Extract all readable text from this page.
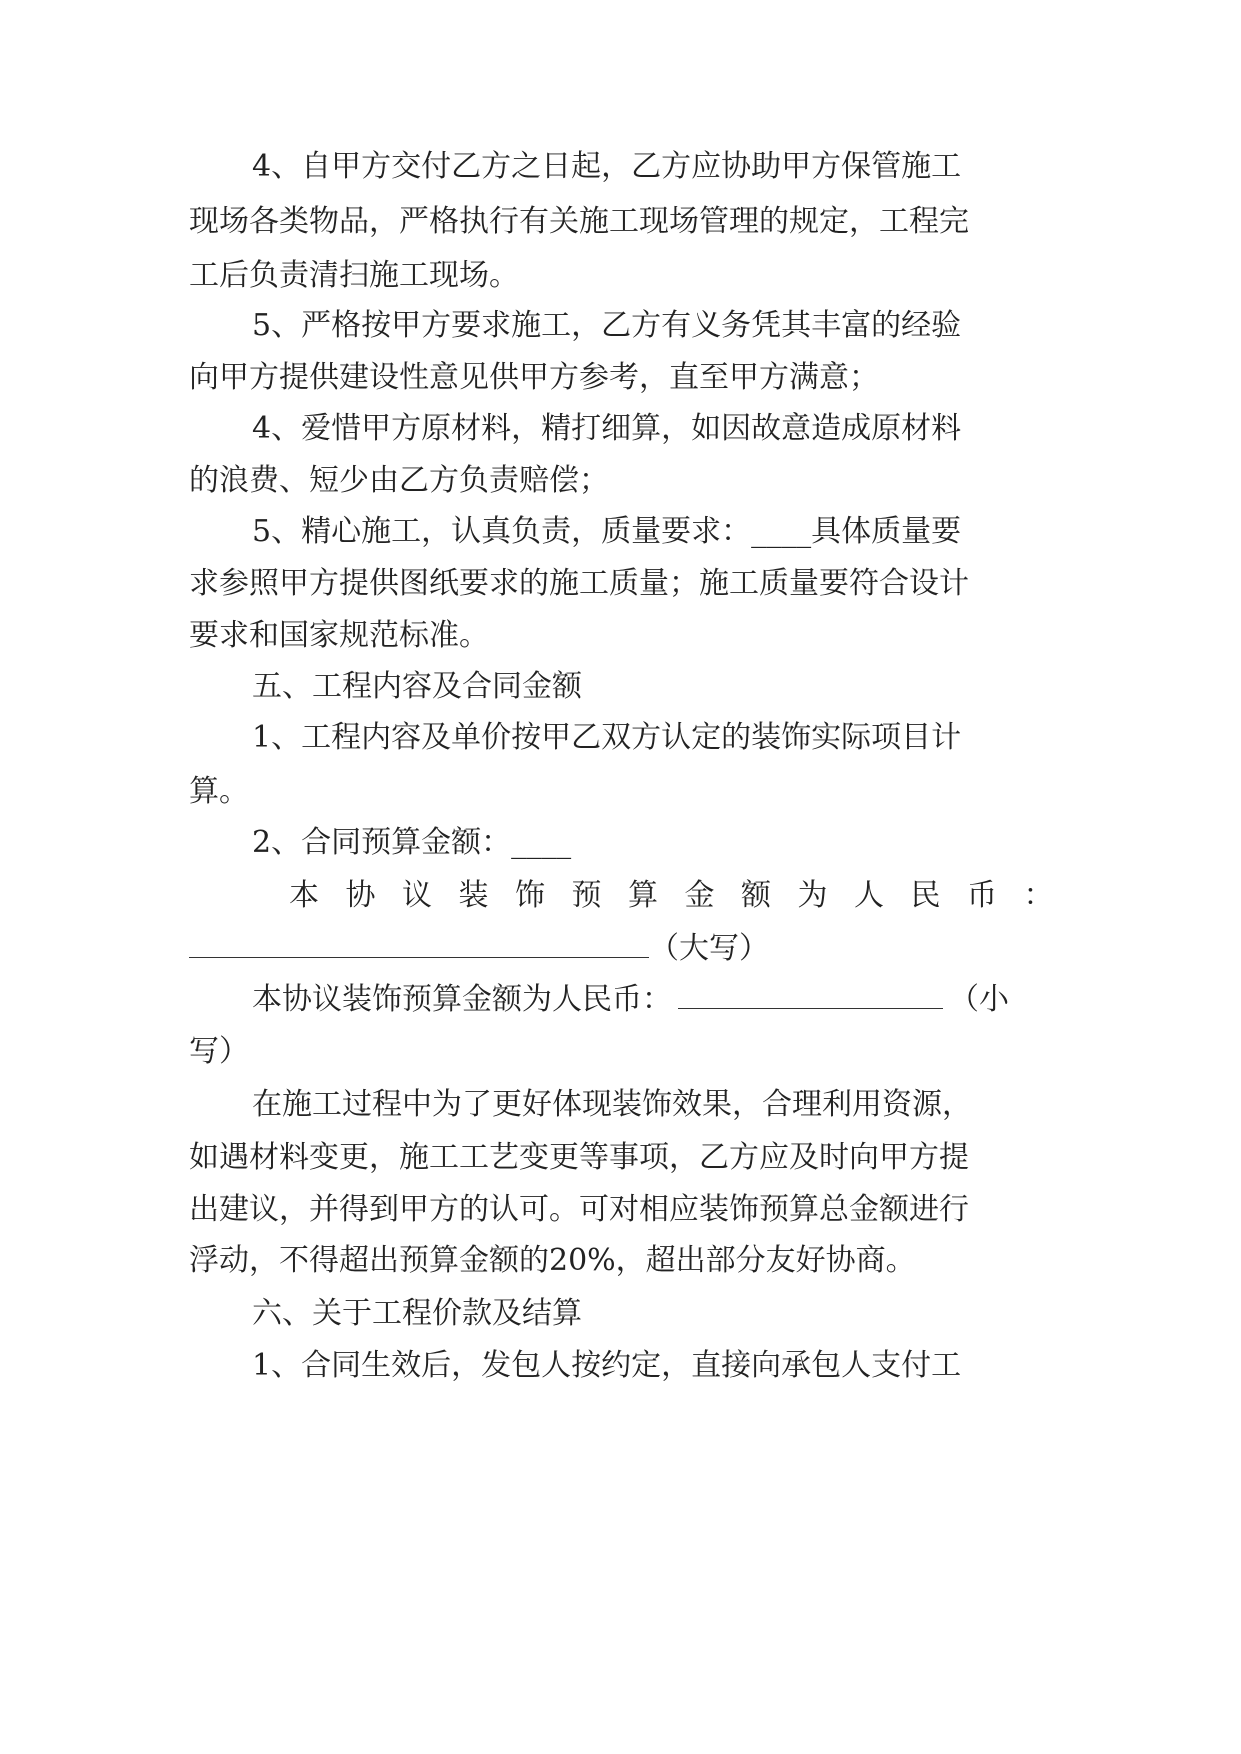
4、自甲方交付乙方之日起，乙方应协助甲方保管施工
现场各类物品，严格执行有关施工现场管理的规定，工程完
工后负责清扫施工现场。
5、严格按甲方要求施工，乙方有义务凭其丰富的经验
向甲方提供建设性意见供甲方参考，直至甲方满意；
4、爱惜甲方原材料，精打细算，如因故意造成原材料
的浪费、短少由乙方负责赔偿；
5、精心施工，认真负责，质量要求：____具体质量要
求参照甲方提供图纸要求的施工质量；施工质量要符合设计
要求和国家规范标准。
五、工程内容及合同金额
1、工程内容及单价按甲乙双方认定的装饰实际项目计
算。
2、合同预算金额：____
本协议装饰预算金额为人民币：
（大写）
本协议装饰预算金额为人民币：	（小
写）
在施工过程中为了更好体现装饰效果，合理利用资源，
如遇材料变更，施工工艺变更等事项，乙方应及时向甲方提
出建议，并得到甲方的认可。可对相应装饰预算总金额进行
浮动，不得超出预算金额的20%，超出部分友好协商。
六、关于工程价款及结算
1、合同生效后，发包人按约定，直接向承包人支付工
